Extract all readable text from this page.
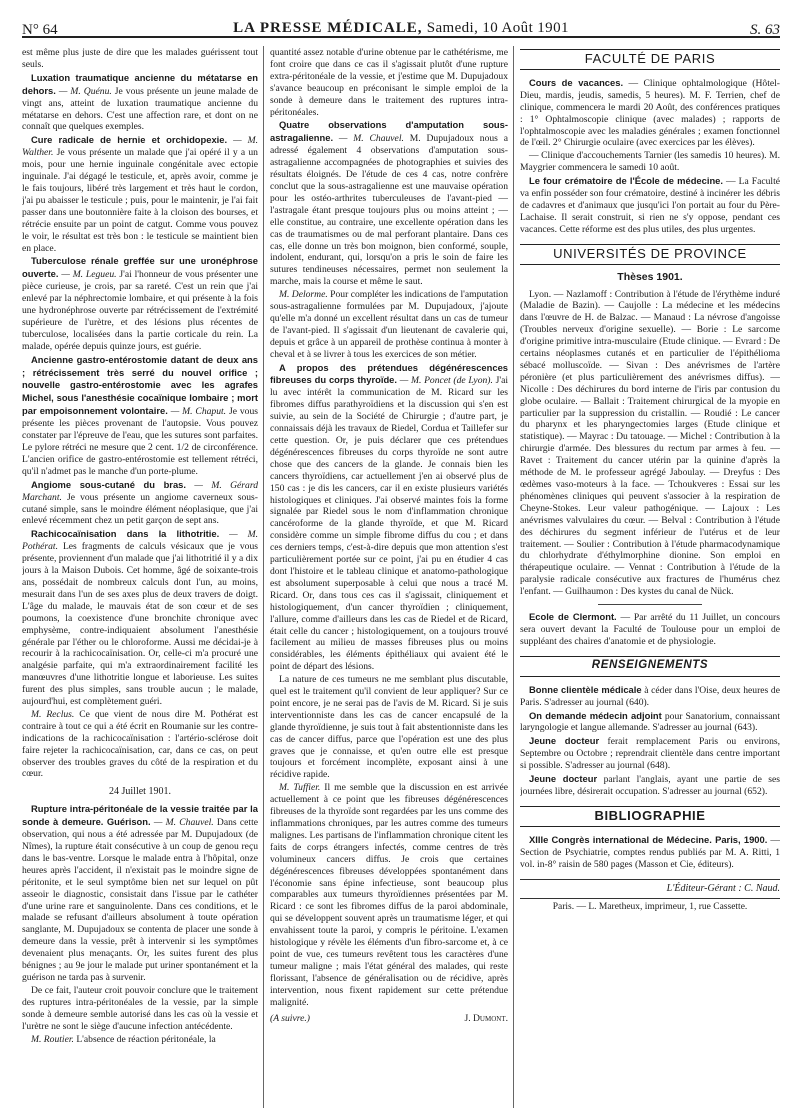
N° 64	LA PRESSE MÉDICALE, Samedi, 10 Août 1901	S. 63

est même plus juste de dire que les malades guérissent tout seuls.

Luxation traumatique ancienne du métatarse en dehors. — M. Quénu. Je vous présente un jeune malade de vingt ans, atteint de luxation traumatique ancienne du métatarse en dehors. C'est une affection rare, et dont on ne connaît que quelques exemples.

Cure radicale de hernie et orchidopexie. — M. Walther. Je vous présente un malade que j'ai opéré il y a un mois, pour une hernie inguinale congénitale avec ectopie inguinale. J'ai dégagé le testicule, et, après avoir, comme je le fais toujours, libéré très largement et très haut le cordon, j'ai pu abaisser le testicule ; puis, pour le maintenir, je l'ai fait passer dans une boutonnière faite à la cloison des bourses, et rétrécie ensuite par un point de catgut. Comme vous pouvez le voir, le résultat est très bon : le testicule se maintient bien en place.

Tuberculose rénale greffée sur une uronéphrose ouverte. — M. Legueu. J'ai l'honneur de vous présenter une pièce curieuse, je crois, par sa rareté. C'est un rein que j'ai enlevé par la néphrectomie lombaire, et qui présente à la fois une hydronéphrose ouverte par rétrécissement de l'extrémité supérieure de l'urètre, et des lésions plus récentes de tuberculose, localisées dans la partie corticale du rein. La malade, opérée depuis quinze jours, est guérie.

Ancienne gastro-entérostomie datant de deux ans ; rétrécissement très serré du nouvel orifice ; nouvelle gastro-entérostomie avec les agrafes Michel, sous l'anesthésie cocaïnique lombaire ; mort par empoisonnement volontaire. — M. Chaput. Je vous présente les pièces provenant de l'autopsie. Vous pouvez constater par l'épreuve de l'eau, que les sutures sont parfaites. Le pylore rétréci ne mesure que 2 cent. 1/2 de circonférence. L'ancien orifice de gastro-entérostomie est tellement rétréci, qu'il n'admet pas le manche d'un porte-plume.

Angiome sous-cutané du bras. — M. Gérard Marchant. Je vous présente un angiome caverneux sous-cutané simple, sans le moindre élément néoplasique, que j'ai enlevé récemment chez un petit garçon de sept ans.

Rachicocaïnisation dans la lithotritie. — M. Pothérat. Les fragments de calculs vésicaux que je vous présente, proviennent d'un malade que j'ai lithotritié il y a dix jours à la Maison Dubois. Cet homme, âgé de soixante-trois ans, possédait de nombreux calculs dont l'un, au moins, mesurait dans l'un de ses axes plus de deux travers de doigt. L'âge du malade, le mauvais état de son cœur et de ses poumons, la coexistence d'une bronchite chronique avec emphysème, contre-indiquaient absolument l'anesthésie générale par l'éther ou le chloroforme. Aussi me décidai-je à recourir à la rachicocaïnisation. Or, celle-ci m'a procuré une analgésie parfaite, qui m'a extraordinairement facilité les manœuvres d'une lithotritie longue et laborieuse. Les suites furent des plus simples, sans trouble aucun ; le malade, aujourd'hui, est complètement guéri.

M. Reclus. Ce que vient de nous dire M. Pothérat est contraire à tout ce qui a été écrit en Roumanie sur les contre-indications de la rachicocaïnisation : l'artério-sclérose doit faire rejeter la rachicocaïnisation, car, dans ce cas, on peut observer des troubles graves du côté de la respiration et du cœur.

24 Juillet 1901.

Rupture intra-péritonéale de la vessie traitée par la sonde à demeure. Guérison. — M. Chauvel. Dans cette observation, qui nous a été adressée par M. Dupujadoux (de Nîmes), la rupture était consécutive à un coup de genou reçu dans le bas-ventre. Lorsque le malade entra à l'hôpital, onze heures après l'accident, il n'existait pas le moindre signe de péritonite, et le seul symptôme bien net sur lequel on pût asseoir le diagnostic, consistait dans l'issue par le cathéter d'une urine rare et sanguinolente. Dans ces conditions, et le malade se refusant d'ailleurs absolument à toute opération sanglante, M. Dupujadoux se contenta de placer une sonde à demeure dans la vessie, prêt à intervenir si les symptômes devenaient plus menaçants. Or, les suites furent des plus bénignes ; au 9e jour le malade put uriner spontanément et la guérison ne tarda pas à survenir.

De ce fait, l'auteur croit pouvoir conclure que le traitement des ruptures intra-péritonéales de la vessie, par la simple sonde à demeure semble autorisé dans les cas où la vessie et l'urètre ne sont le siège d'aucune infection antécédente.

M. Routier. L'absence de réaction péritonéale, la

quantité assez notable d'urine obtenue par le cathétérisme, me font croire que dans ce cas il s'agissait plutôt d'une rupture extra-péritonéale de la vessie, et j'estime que M. Dupujadoux s'avance beaucoup en préconisant le simple emploi de la sonde à demeure dans le traitement des ruptures intra-péritonéales.

Quatre observations d'amputation sous-astragalienne. — M. Chauvel. M. Dupujadoux nous a adressé également 4 observations d'amputation sous-astragalienne accompagnées de photographies et suivies des résultats éloignés. De l'étude de ces 4 cas, notre confrère conclut que la sous-astragalienne est une mauvaise opération pour les ostéo-arthrites tuberculeuses de l'avant-pied — l'astragale étant presque toujours plus ou moins atteint ; — elle constitue, au contraire, une excellente opération dans les cas de traumatismes ou de mal perforant plantaire. Dans ces cas, elle donne un très bon moignon, bien conformé, souple, indolent, endurant, qui, lorsqu'on a pris le soin de faire les sutures tendineuses nécessaires, permet non seulement la marche, mais la course et même le saut.

M. Delorme. Pour compléter les indications de l'amputation sous-astragalienne formulées par M. Dupujadoux, j'ajoute qu'elle m'a donné un excellent résultat dans un cas de tumeur de l'avant-pied. Il s'agissait d'un lieutenant de cavalerie qui, depuis et grâce à un appareil de prothèse continua à monter à cheval et à se livrer à tous les exercices de son métier.

A propos des prétendues dégénérescences fibreuses du corps thyroïde. — M. Poncet (de Lyon). J'ai lu avec intérêt la communication de M. Ricard sur les fibromes diffus parathyroïdiens et la discussion qui s'en est suivie, au sein de la Société de Chirurgie ; d'autre part, je connaissais déjà les travaux de Riedel, Cordua et Taillefer sur cette question. Or, je puis déclarer que ces prétendues dégénérescences fibreuses du corps thyroïde ne sont autre chose que des cancers de la glande. Je connais bien les cancers thyroïdiens, car actuellement j'en ai observé plus de 150 cas : je dis les cancers, car il en existe plusieurs variétés histologiques et cliniques. J'ai observé maintes fois la forme signalée par Riedel sous le nom d'inflammation chronique cancéroforme de la glande thyroïde, et que M. Ricard considère comme un simple fibrome diffus du cou ; et dans ces derniers temps, c'est-à-dire depuis que mon attention s'est particulièrement portée sur ce point, j'ai pu en étudier 4 cas dont l'histoire et le tableau clinique et anatomo-pathologique est absolument superposable à celui que nous a tracé M. Ricard. Or, dans tous ces cas il s'agissait, cliniquement et histologiquement, d'un cancer thyroïdien ; cliniquement, l'allure, comme d'ailleurs dans les cas de Riedel et de Ricard, était celle du cancer ; histologiquement, on a toujours trouvé facilement au milieu de masses fibreuses plus ou moins considérables, les éléments épithéliaux qui avaient été le point de départ des lésions.

La nature de ces tumeurs ne me semblant plus discutable, quel est le traitement qu'il convient de leur appliquer? Sur ce point encore, je ne serai pas de l'avis de M. Ricard. Si je suis interventionniste dans les cas de cancer encapsulé de la glande thyroïdienne, je suis tout à fait abstentionniste dans les cas de cancer diffus, parce que l'opération est une des plus graves que je connaisse, et qu'en outre elle est presque toujours et forcément incomplète, exposant ainsi à une récidive rapide.

M. Tuffier. Il me semble que la discussion en est arrivée actuellement à ce point que les fibreuses dégénérescences fibreuses de la thyroïde sont regardées par les uns comme des inflammations chroniques, par les autres comme des tumeurs malignes. Les partisans de l'inflammation chronique citent les faits de corps étrangers infectés, comme centres de très volumineux cancers diffus. Je crois que certaines dégénérescences fibreuses développées spontanément dans l'économie sans épine infectieuse, sont beaucoup plus comparables aux tumeurs thyroïdiennes présentées par M. Ricard : ce sont les fibromes diffus de la paroi abdominale, qui se développent souvent après un traumatisme léger, et qui envahissent toute la paroi, y compris le péritoine. L'examen histologique y révèle les éléments d'un fibro-sarcome et, à ce point de vue, ces tumeurs revêtent tous les caractères d'une tumeur maligne ; mais l'état général des malades, qui reste florissant, l'absence de généralisation ou de récidive, après intervention, nous fixent rapidement sur cette prétendue malignité.

(A suivre.)	J. Dumont.
FACULTÉ DE PARIS

Cours de vacances. — Clinique ophtalmologique (Hôtel-Dieu, mardis, jeudis, samedis, 5 heures). M. F. Terrien, chef de clinique, commencera le mardi 20 Août, des conférences pratiques : 1° Ophtalmoscopie clinique (avec malades) ; rapports de l'ophtalmoscopie avec les maladies générales ; examen fonctionnel de l'œil. 2° Chirurgie oculaire (avec exercices par les élèves).

— Clinique d'accouchements Tarnier (les samedis 10 heures). M. Maygrier commencera le samedi 10 août.

Le four crématoire de l'École de médecine. — La Faculté va enfin posséder son four crématoire, destiné à incinérer les débris de cadavres et d'animaux que jusqu'ici l'on portait au four du Père-Lachaise. Il serait construit, si rien ne s'y oppose, pendant ces vacances. Cette réforme est des plus utiles, des plus urgentes.

UNIVERSITÉS DE PROVINCE
Thèses 1901.

Lyon. — Nazlamoff : Contribution à l'étude de l'érythème induré (Maladie de Bazin). — Caujolle : La médecine et les médecins dans l'œuvre de H. de Balzac. — Manaud : La névrose d'angoisse (Troubles nerveux d'origine sexuelle). — Borie : Le sarcome d'origine primitive intra-musculaire (Etude clinique. — Evrard : De certains néoplasmes cutanés et en particulier de l'épithélioma sébacé molluscoïde. — Sivan : Des anévrismes de l'artère péronière (et plus particulièrement des anévrismes diffus). — Nicolle : Des déchirures du bord interne de l'iris par contusion du globe oculaire. — Ballait : Traitement chirurgical de la myopie en particulier par la suppression du cristallin. — Roudié : Le cancer du pharynx et les pharyngectomies larges (Etude clinique et statistique). — Mayrac : Du tatouage. — Michel : Contribution à la chirurgie d'armée. Des blessures du rectum par armes à feu. — Ravet : Traitement du cancer utérin par la quinine d'après la méthode de M. le professeur agrégé Jaboulay. — Dreyfus : Des œdèmes vaso-moteurs à la face. — Tchoukveres : Essai sur les phénomènes cliniques qui peuvent s'associer à la respiration de Cheyne-Stokes. Leur valeur pathogénique. — Lajoux : Les anévrismes valvulaires du cœur. — Belval : Contribution à l'étude des déchirures du segment inférieur de l'utérus et de leur traitement. — Soulier : Contribution à l'étude pharmacodynamique du chlorhydrate d'éthylmorphine dionine. Son emploi en thérapeutique oculaire. — Vennat : Contribution à l'étude de la paralysie radicale consécutive aux fractures de l'humérus chez l'enfant. — Guilhaumon : Des kystes du canal de Nück.

Ecole de Clermont. — Par arrêté du 11 Juillet, un concours sera ouvert devant la Faculté de Toulouse pour un emploi de suppléant des chaires d'anatomie et de physiologie.

RENSEIGNEMENTS

Bonne clientèle médicale à céder dans l'Oise, deux heures de Paris. S'adresser au journal (640).

On demande médecin adjoint pour Sanatorium, connaissant laryngologie et langue allemande. S'adresser au journal (643).

Jeune docteur ferait remplacement Paris ou environs, Septembre ou Octobre ; reprendrait clientèle dans centre important si possible. S'adresser au journal (648).

Jeune docteur parlant l'anglais, ayant une partie de ses journées libre, désirerait occupation. S'adresser au journal (652).

BIBLIOGRAPHIE

XIIIe Congrès international de Médecine. Paris, 1900. — Section de Psychiatrie, comptes rendus publiés par M. A. Ritti, 1 vol. in-8° raisin de 580 pages (Masson et Cie, éditeurs).

L'Éditeur-Gérant : C. Naud.
Paris. — L. Maretheux, imprimeur, 1, rue Cassette.
